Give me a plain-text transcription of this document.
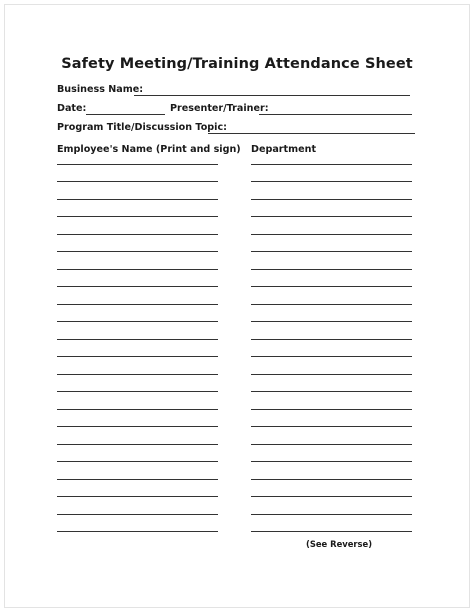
Safety Meeting/Training Attendance Sheet
Business Name:
Date:	Presenter/Trainer:
Program Title/Discussion Topic:
Employee's Name (Print and sign) Department
(See Reverse)
